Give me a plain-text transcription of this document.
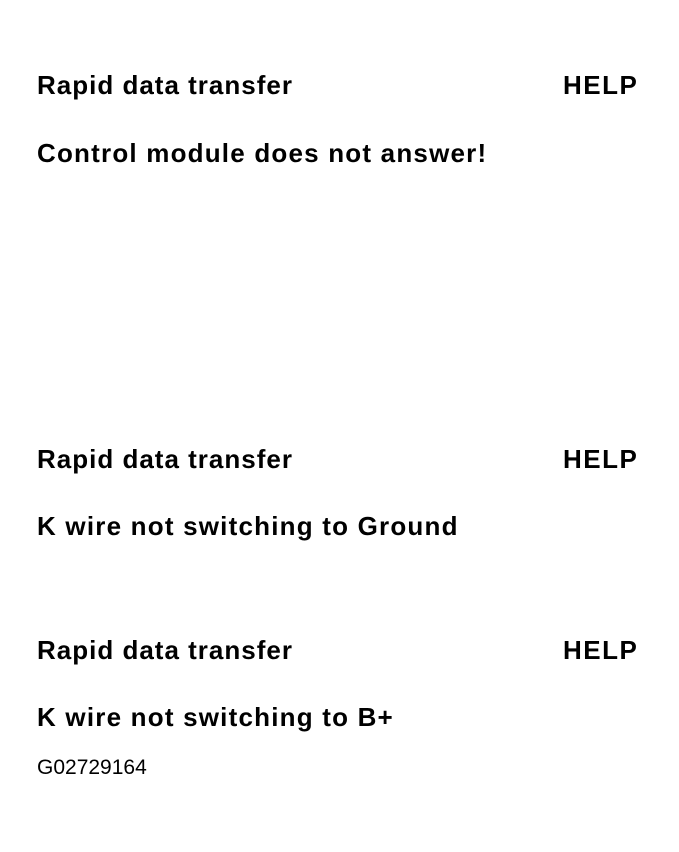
Rapid data transfer	HELP
Control module does not answer!
Rapid data transfer	HELP
K wire not switching to Ground
Rapid data transfer	HELP
K wire not switching to B+
G02729164
